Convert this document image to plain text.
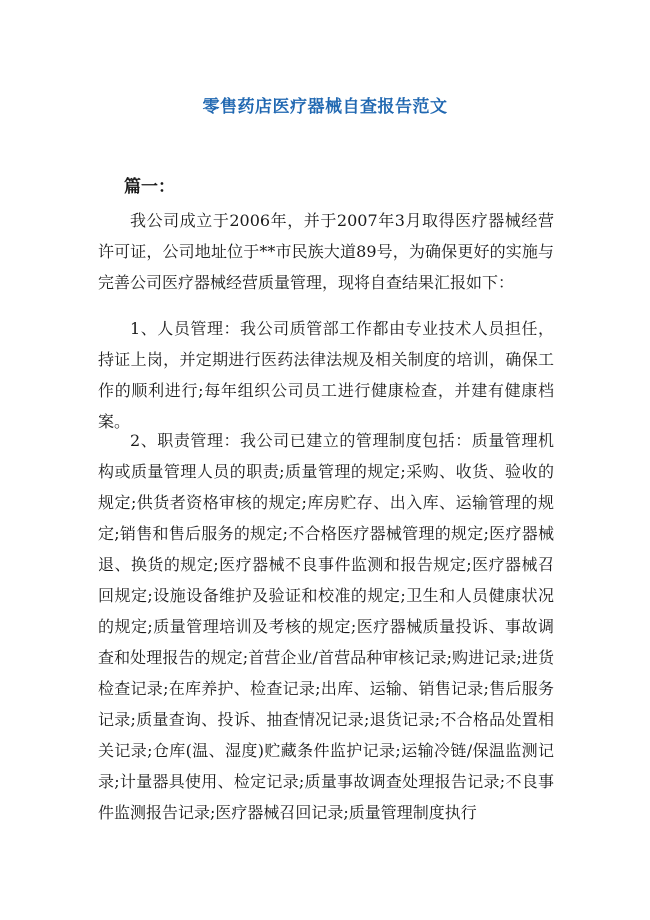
零售药店医疗器械自查报告范文
篇一：
我公司成立于2006年，并于2007年3月取得医疗器械经营许可证，公司地址位于**市民族大道89号，为确保更好的实施与完善公司医疗器械经营质量管理，现将自查结果汇报如下：
1、人员管理：我公司质管部工作都由专业技术人员担任，持证上岗，并定期进行医药法律法规及相关制度的培训，确保工作的顺利进行;每年组织公司员工进行健康检查，并建有健康档案。
2、职责管理：我公司已建立的管理制度包括：质量管理机构或质量管理人员的职责;质量管理的规定;采购、收货、验收的规定;供货者资格审核的规定;库房贮存、出入库、运输管理的规定;销售和售后服务的规定;不合格医疗器械管理的规定;医疗器械退、换货的规定;医疗器械不良事件监测和报告规定;医疗器械召回规定;设施设备维护及验证和校准的规定;卫生和人员健康状况的规定;质量管理培训及考核的规定;医疗器械质量投诉、事故调查和处理报告的规定;首营企业/首营品种审核记录;购进记录;进货检查记录;在库养护、检查记录;出库、运输、销售记录;售后服务记录;质量查询、投诉、抽查情况记录;退货记录;不合格品处置相关记录;仓库(温、湿度)贮藏条件监护记录;运输冷链/保温监测记录;计量器具使用、检定记录;质量事故调查处理报告记录;不良事件监测报告记录;医疗器械召回记录;质量管理制度执行
